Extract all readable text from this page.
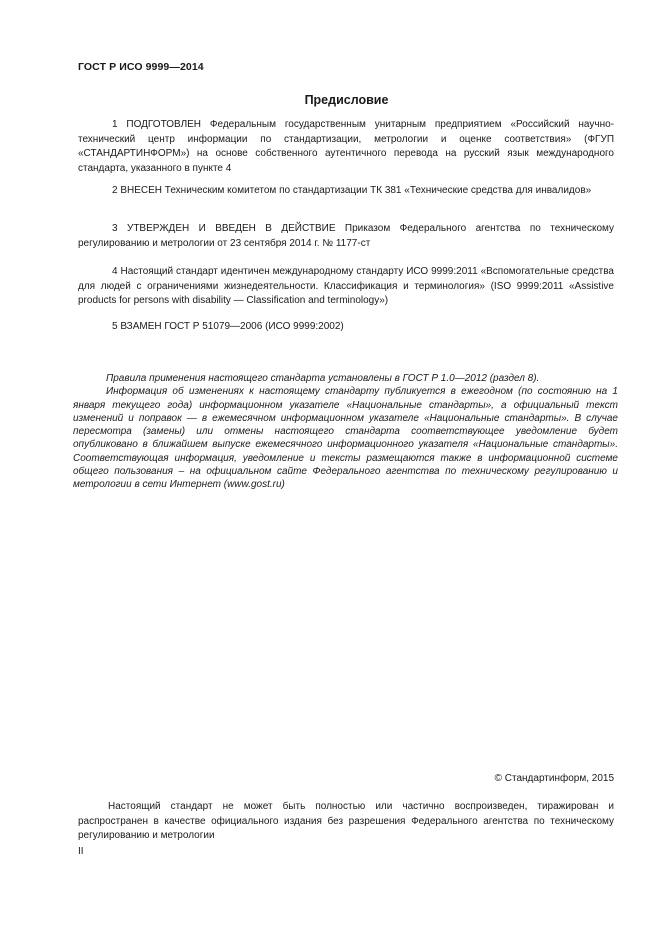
ГОСТ Р ИСО 9999—2014
Предисловие
1 ПОДГОТОВЛЕН Федеральным государственным унитарным предприятием «Российский научно-технический центр информации по стандартизации, метрологии и оценке соответствия» (ФГУП «СТАНДАРТИНФОРМ») на основе собственного аутентичного перевода на русский язык международного стандарта, указанного в пункте 4
2 ВНЕСЕН Техническим комитетом по стандартизации ТК 381 «Технические средства для инвалидов»
3 УТВЕРЖДЕН И ВВЕДЕН В ДЕЙСТВИЕ Приказом Федерального агентства по техническому регулированию и метрологии от 23 сентября 2014 г. № 1177-ст
4 Настоящий стандарт идентичен международному стандарту ИСО 9999:2011 «Вспомогательные средства для людей с ограничениями жизнедеятельности. Классификация и терминология» (ISO 9999:2011 «Assistive products for persons with disability — Classification and terminology»)
5 ВЗАМЕН ГОСТ Р 51079—2006 (ИСО 9999:2002)
Правила применения настоящего стандарта установлены в ГОСТ Р 1.0—2012 (раздел 8).
Информация об изменениях к настоящему стандарту публикуется в ежегодном (по состоянию на 1 января текущего года) информационном указателе «Национальные стандарты», а официальный текст изменений и поправок — в ежемесячном информационном указателе «Национальные стандарты». В случае пересмотра (замены) или отмены настоящего стандарта соответствующее уведомление будет опубликовано в ближайшем выпуске ежемесячного информационного указателя «Национальные стандарты». Соответствующая информация, уведомление и тексты размещаются также в информационной системе общего пользования – на официальном сайте Федерального агентства по техническому регулированию и метрологии в сети Интернет (www.gost.ru)
© Стандартинформ, 2015
Настоящий стандарт не может быть полностью или частично воспроизведен, тиражирован и распространен в качестве официального издания без разрешения Федерального агентства по техническому регулированию и метрологии
II
